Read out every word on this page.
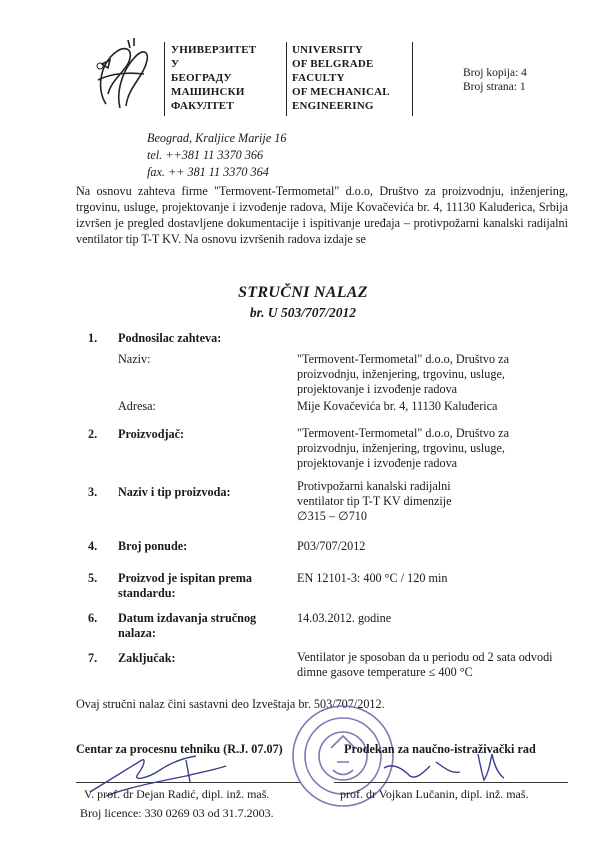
УНИВЕРЗИТЕТ
У
БЕОГРАДУ
МАШИНСКИ
ФАКУЛТЕТ
UNIVERSITY
OF BELGRADE
FACULTY
OF MECHANICAL
ENGINEERING
Broj kopija: 4
Broj strana: 1
Beograd, Kraljice Marije 16
tel. ++381 11 3370 366
fax. ++ 381 11 3370 364
Na osnovu zahteva firme "Termovent-Termometal" d.o.o, Društvo za proizvodnju, inženjering, trgovinu, usluge, projektovanje i izvođenje radova, Mije Kovačevića br. 4, 11130 Kaluđerica, Srbija izvršen je pregled dostavljene dokumentacije i ispitivanje uređaja – protivpožarni kanalski radijalni ventilator tip T-T KV. Na osnovu izvršenih radova izdaje se
STRUČNI NALAZ
br. U 503/707/2012
1. Podnosilac zahteva:
Naziv:	"Termovent-Termometal" d.o.o, Društvo za proizvodnju, inženjering, trgovinu, usluge, projektovanje i izvođenje radova
Adresa:	Mije Kovačevića br. 4, 11130 Kaluđerica
2. Proizvodjač:	"Termovent-Termometal" d.o.o, Društvo za proizvodnju, inženjering, trgovinu, usluge, projektovanje i izvođenje radova
3. Naziv i tip proizvoda:	Protivpožarni kanalski radijalni ventilator tip T-T KV dimenzije ∅315 – ∅710
4. Broj ponude:	P03/707/2012
5. Proizvod je ispitan prema standardu:
EN 12101-3: 400 °C / 120 min
6. Datum izdavanja stručnog nalaza:
14.03.2012. godine
7. Zaključak:	Ventilator je sposoban da u periodu od 2 sata odvodi dimne gasove temperature ≤ 400 °C
Ovaj stručni nalaz čini sastavni deo Izveštaja br. 503/707/2012.
Centar za procesnu tehniku (R.J. 07.07)
V. prof. dr Dejan Radić, dipl. inž. maš.
Broj licence: 330 0269 03 od 31.7.2003.
Prodekan za naučno-istraživački rad
prof. dr Vojkan Lučanin, dipl. inž. maš.
